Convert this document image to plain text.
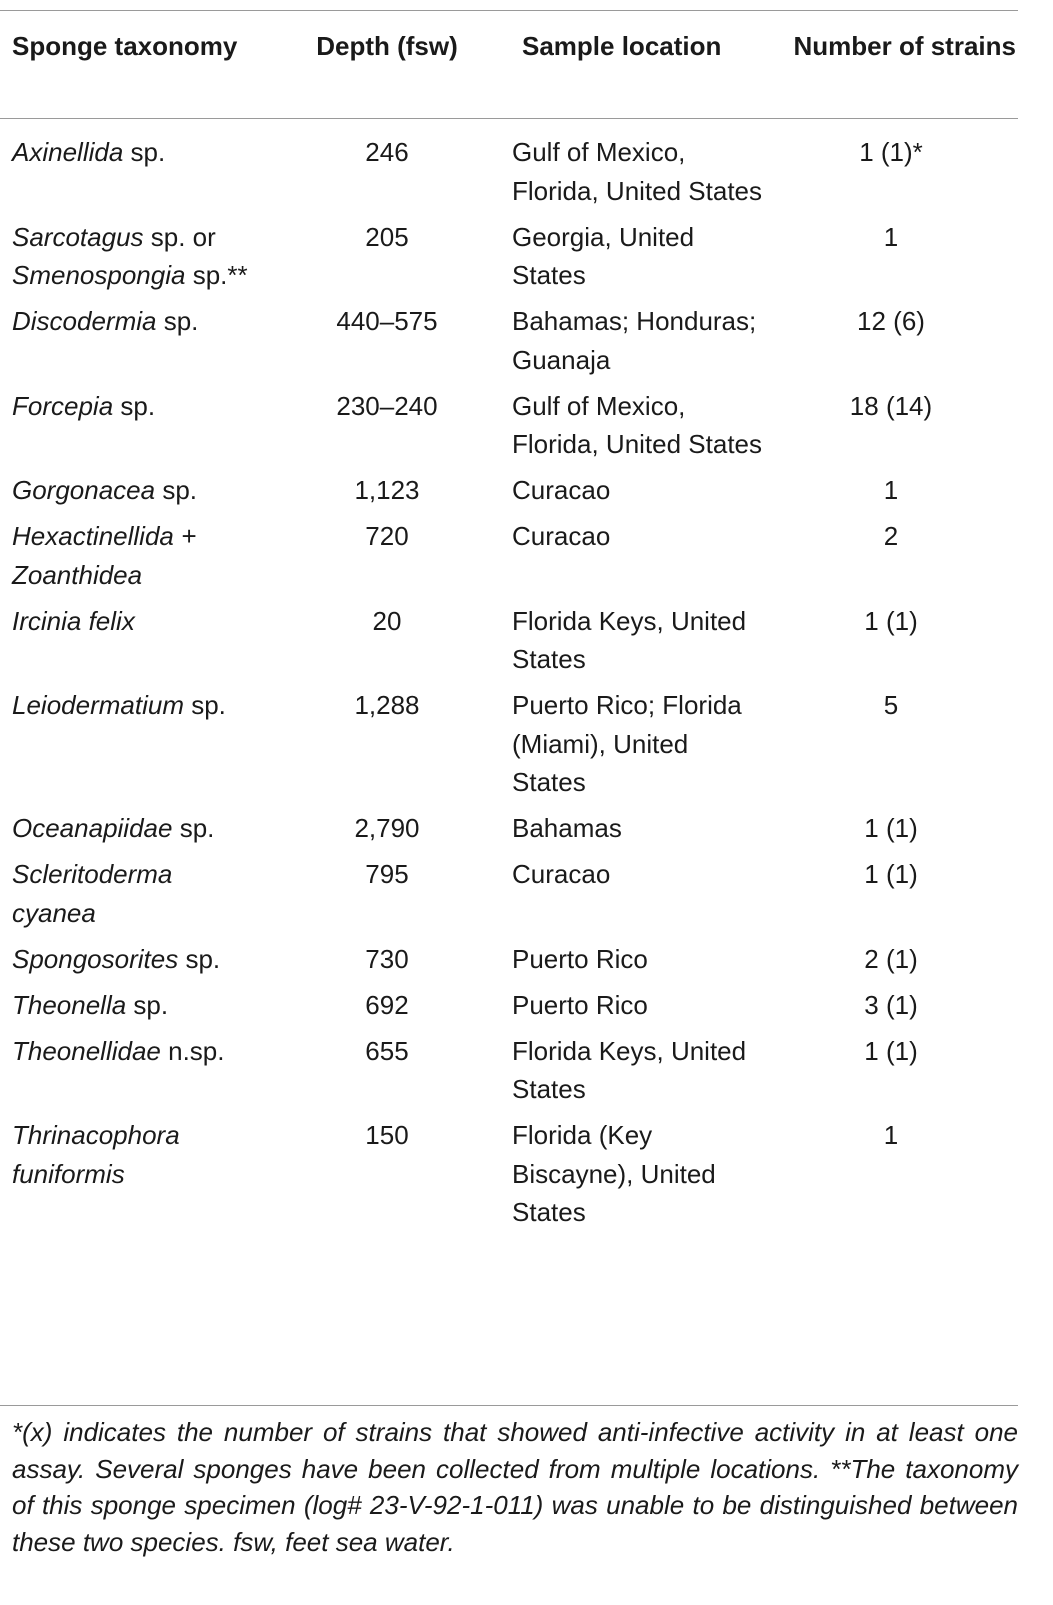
Sponge taxonomy	Depth (fsw)	Sample location	Number of strains
Axinellida sp.	246	Gulf of Mexico, Florida, United States	1 (1)*
Sarcotagus sp. or Smenospongia sp.**	205	Georgia, United States	1
Discodermia sp.	440–575	Bahamas; Honduras; Guanaja	12 (6)
Forcepia sp.	230–240	Gulf of Mexico, Florida, United States	18 (14)
Gorgonacea sp.	1,123	Curacao	1
Hexactinellida + Zoanthidea	720	Curacao	2
Ircinia felix	20	Florida Keys, United States	1 (1)
Leiodermatium sp.	1,288	Puerto Rico; Florida (Miami), United States	5
Oceanapiidae sp.	2,790	Bahamas	1 (1)
Scleritoderma cyanea	795	Curacao	1 (1)
Spongosorites sp.	730	Puerto Rico	2 (1)
Theonella sp.	692	Puerto Rico	3 (1)
Theonellidae n.sp.	655	Florida Keys, United States	1 (1)
Thrinacophora funiformis	150	Florida (Key Biscayne), United States	1
*(x) indicates the number of strains that showed anti-infective activity in at least one assay. Several sponges have been collected from multiple locations. **The taxonomy of this sponge specimen (log# 23-V-92-1-011) was unable to be distinguished between these two species. fsw, feet sea water.
